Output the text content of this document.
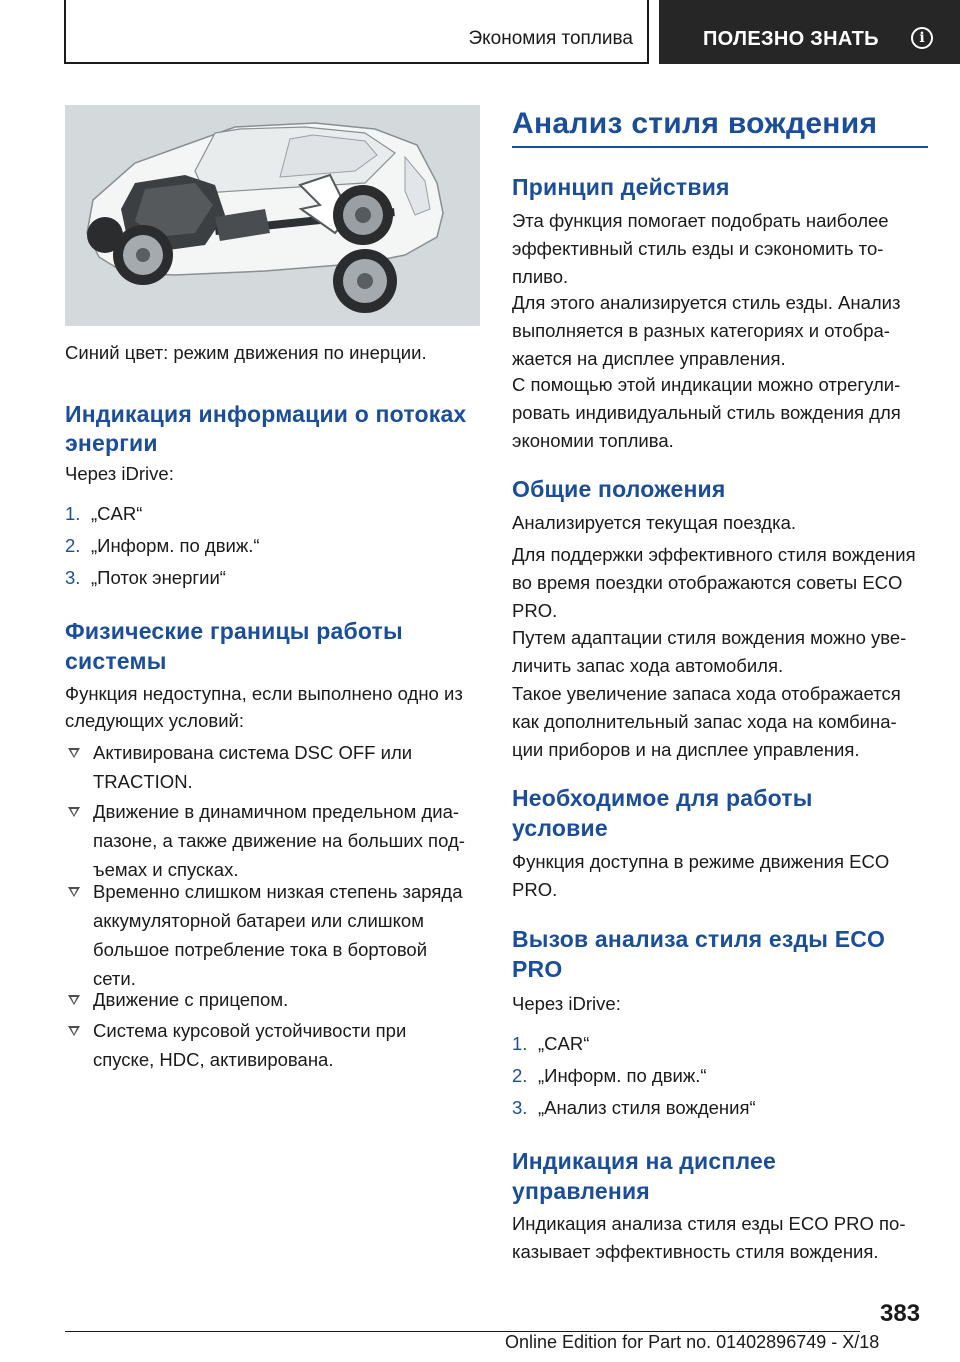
Экономия топлива	ПОЛЕЗНО ЗНАТЬ	i

Синий цвет: режим движения по инерции.

Индикация информации о потоках
энергии

Через iDrive:

1. „CAR“
2. „Информ. по движ.“
3. „Поток энергии“
Физические границы работы
системы

Функция недоступна, если выполнено одно из

следующих условий:

Активирована система DSC OFF или
TRACTION.
Движение в динамичном предельном диа-
пазоне, а также движение на больших под-
ъемах и спусках.
Временно слишком низкая степень заряда
аккумуляторной батареи или слишком
большое потребление тока в бортовой
сети.
Движение с прицепом.
Система курсовой устойчивости при
спуске, HDC, активирована.
Анализ стиля вождения
Принцип действия
Эта функция помогает подобрать наиболее
эффективный стиль езды и сэкономить то-
пливо.
Для этого анализируется стиль езды. Анализ
выполняется в разных категориях и отобра-
жается на дисплее управления.
С помощью этой индикации можно отрегули-
ровать индивидуальный стиль вождения для
экономии топлива.
Общие положения
Анализируется текущая поездка.
Для поддержки эффективного стиля вождения
во время поездки отображаются советы ECO
PRO.
Путем адаптации стиля вождения можно уве-
личить запас хода автомобиля.
Такое увеличение запаса хода отображается
как дополнительный запас хода на комбина-
ции приборов и на дисплее управления.
Необходимое для работы
условие
Функция доступна в режиме движения ECO
PRO.
Вызов анализа стиля езды ECO
PRO

Через iDrive:

1. „CAR“
2. „Информ. по движ.“
3. „Анализ стиля вождения“
Индикация на дисплее
управления
Индикация анализа стиля езды ECO PRO по-
казывает эффективность стиля вождения.
383
Online Edition for Part no. 01402896749 - X/18
